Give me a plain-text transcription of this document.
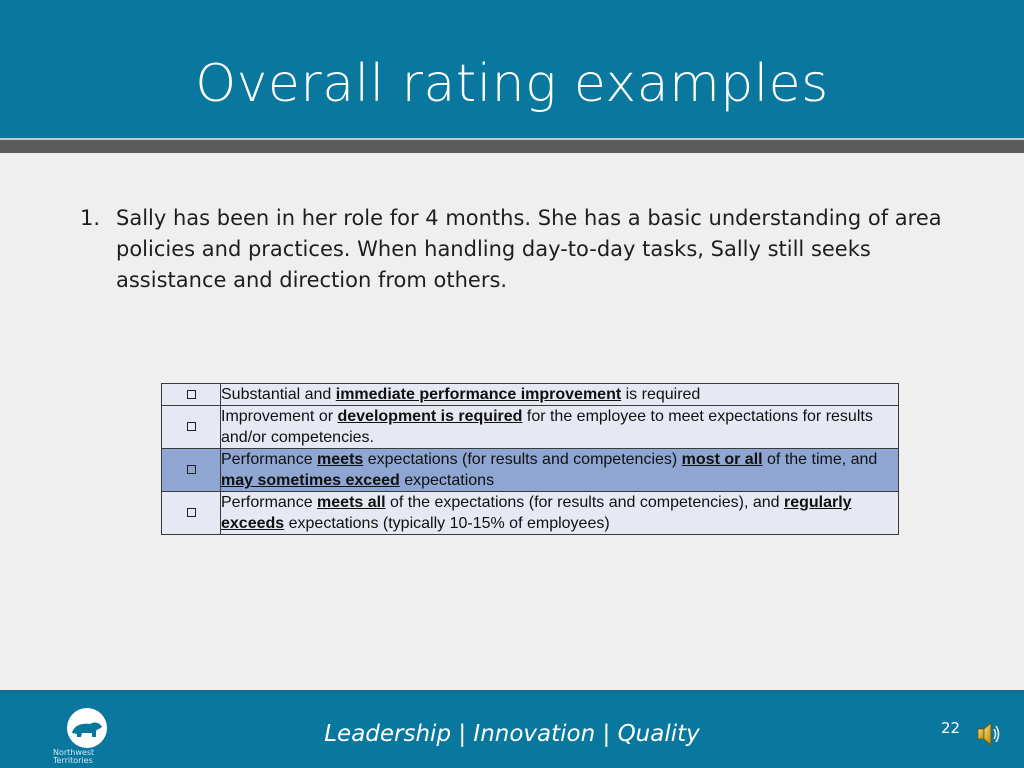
Overall rating examples
1. Sally has been in her role for 4 months. She has a basic understanding of area policies and practices. When handling day-to-day tasks, Sally still seeks assistance and direction from others.
	Substantial and immediate performance improvement is required
	Improvement or development is required for the employee to meet expectations for results and/or competencies.
	Performance meets expectations (for results and competencies) most or all of the time, and may sometimes exceed expectations
	Performance meets all of the expectations (for results and competencies), and regularly exceeds expectations (typically 10-15% of employees)
Northwest
Territories
Leadership | Innovation | Quality	22
